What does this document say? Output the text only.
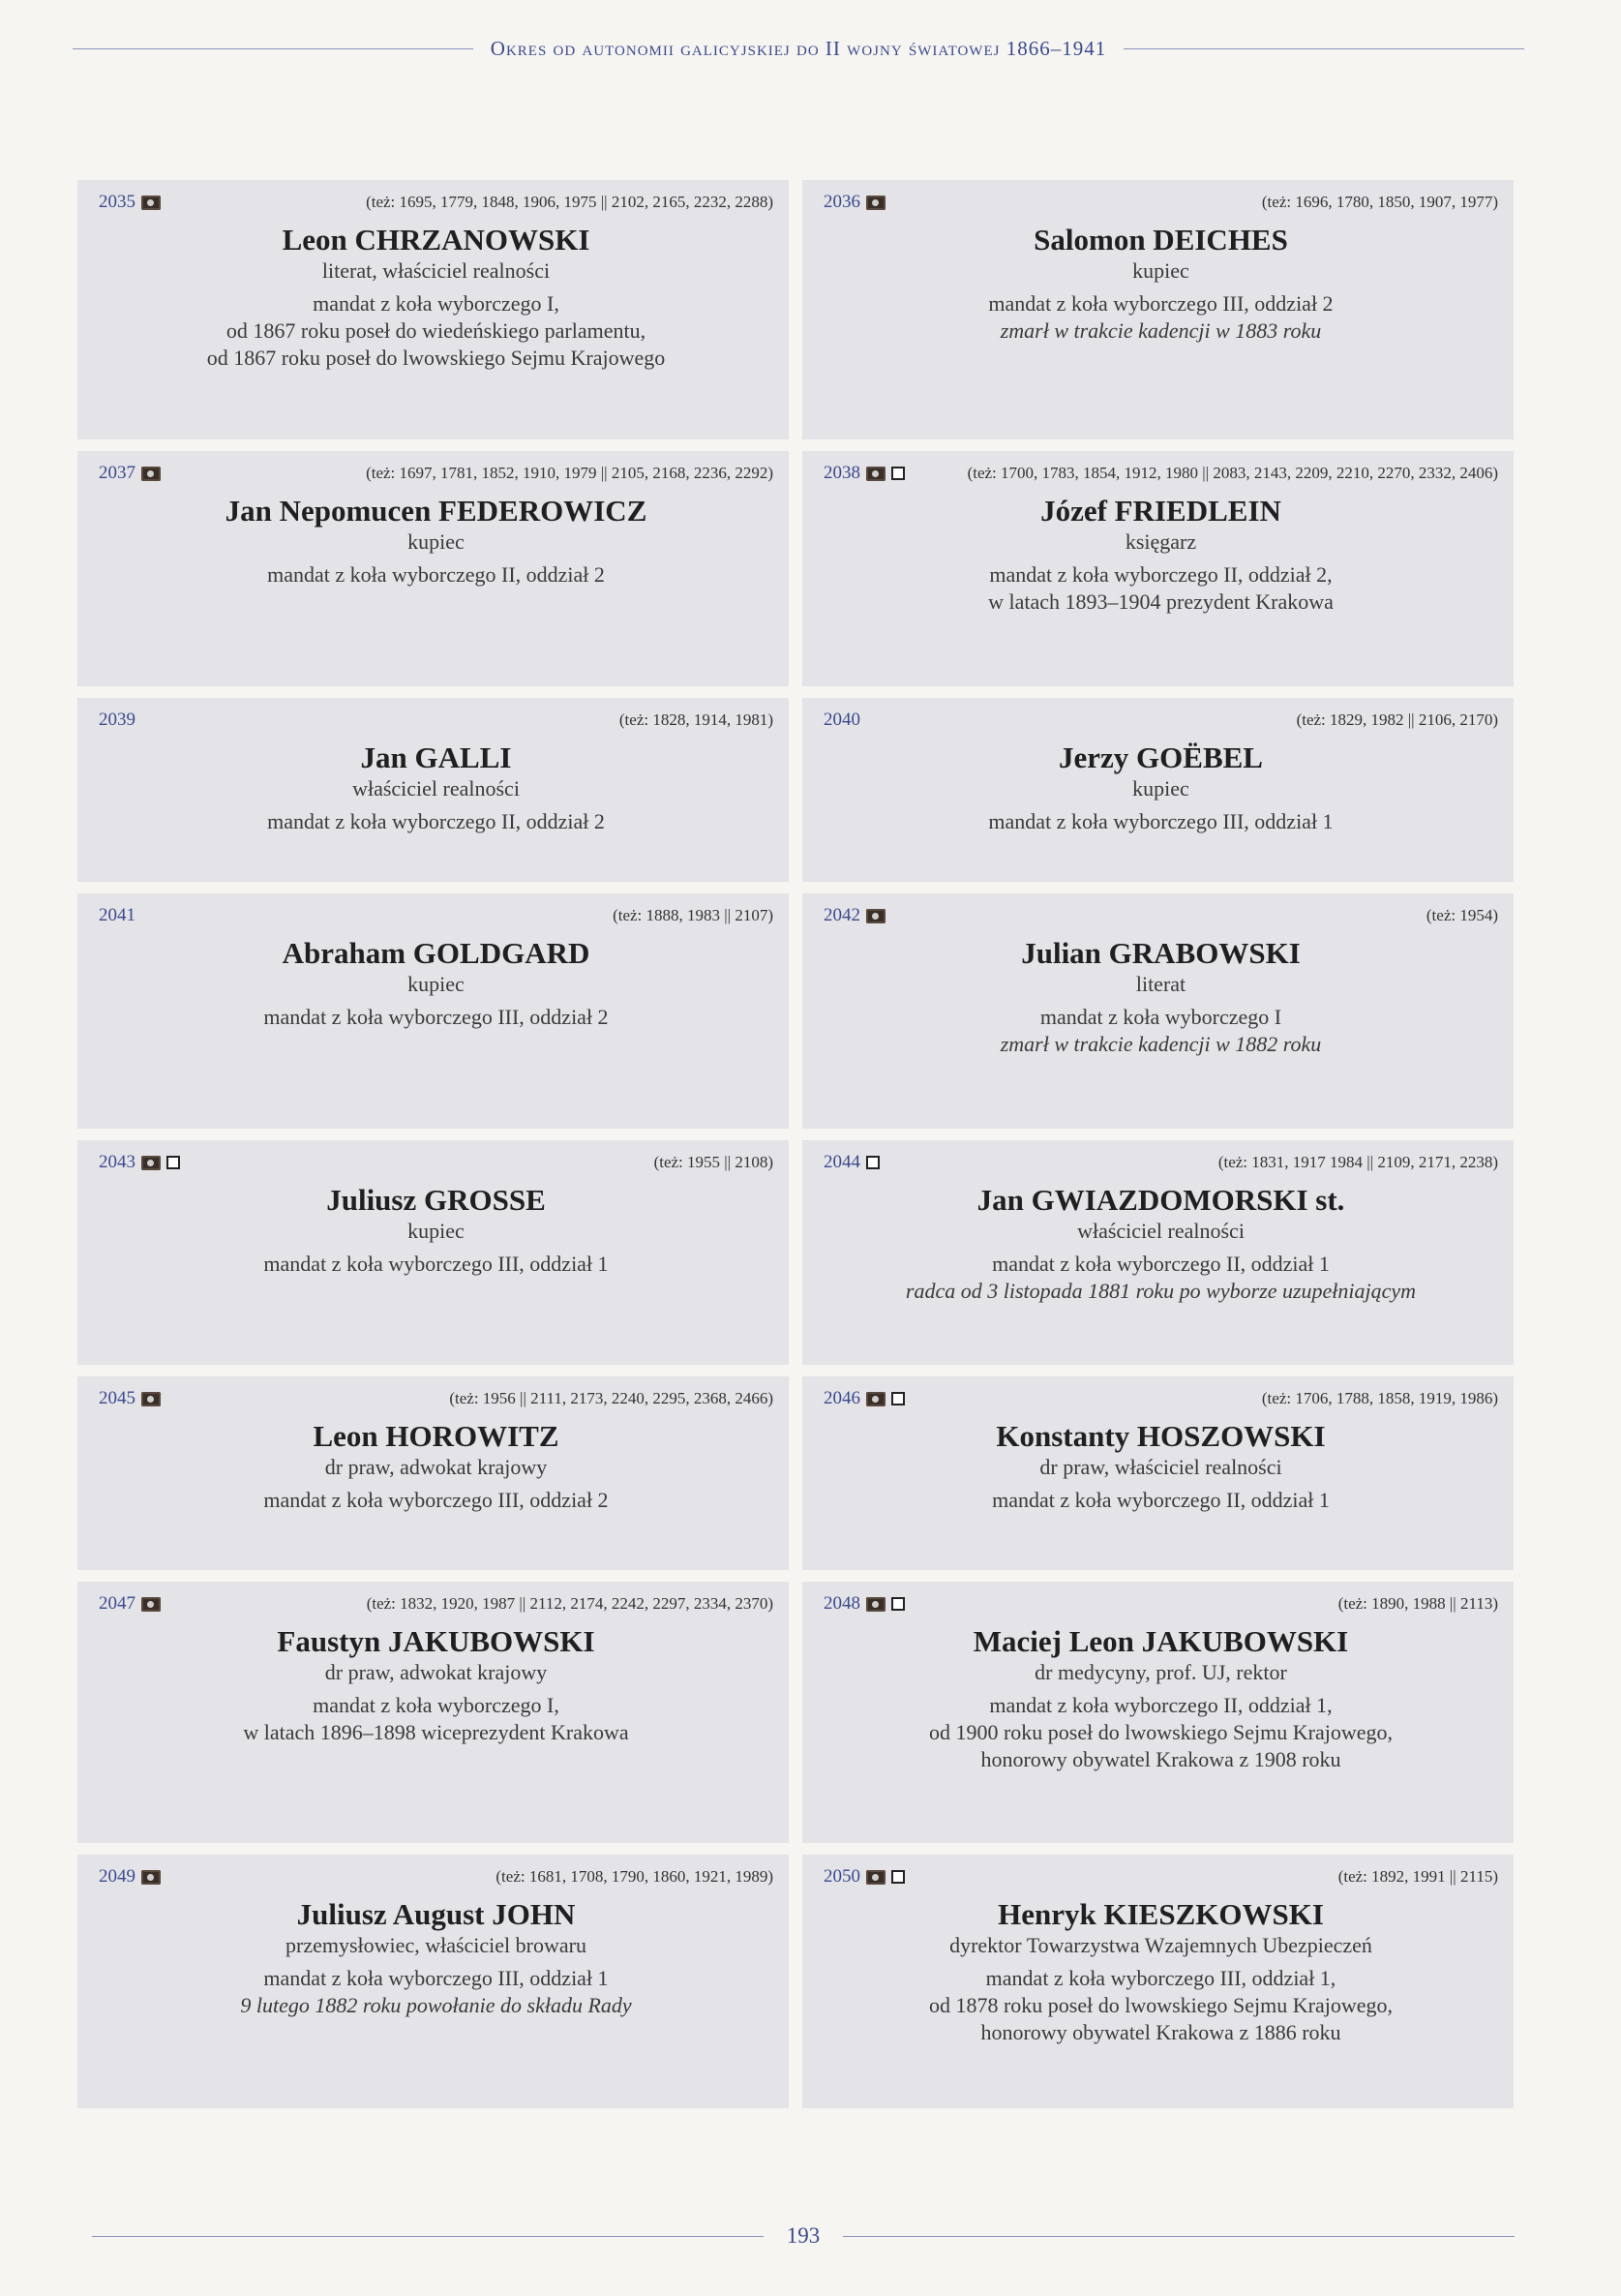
Okres od autonomii galicyjskiej do II wojny światowej 1866–1941
2035	(też: 1695, 1779, 1848, 1906, 1975 || 2102, 2165, 2232, 2288)
Leon CHRZANOWSKI
literat, właściciel realności
mandat z koła wyborczego I,
od 1867 roku poseł do wiedeńskiego parlamentu,
od 1867 roku poseł do lwowskiego Sejmu Krajowego
2036	(też: 1696, 1780, 1850, 1907, 1977)
Salomon DEICHES
kupiec
mandat z koła wyborczego III, oddział 2
zmarł w trakcie kadencji w 1883 roku
2037	(też: 1697, 1781, 1852, 1910, 1979 || 2105, 2168, 2236, 2292)
Jan Nepomucen FEDEROWICZ
kupiec
mandat z koła wyborczego II, oddział 2
2038	(też: 1700, 1783, 1854, 1912, 1980 || 2083, 2143, 2209, 2210, 2270, 2332, 2406)
Józef FRIEDLEIN
księgarz
mandat z koła wyborczego II, oddział 2,
w latach 1893–1904 prezydent Krakowa
2039	(też: 1828, 1914, 1981)
Jan GALLI
właściciel realności
mandat z koła wyborczego II, oddział 2
2040	(też: 1829, 1982 || 2106, 2170)
Jerzy GOËBEL
kupiec
mandat z koła wyborczego III, oddział 1
2041	(też: 1888, 1983 || 2107)
Abraham GOLDGARD
kupiec
mandat z koła wyborczego III, oddział 2
2042	(też: 1954)
Julian GRABOWSKI
literat
mandat z koła wyborczego I
zmarł w trakcie kadencji w 1882 roku
2043	(też: 1955 || 2108)
Juliusz GROSSE
kupiec
mandat z koła wyborczego III, oddział 1
2044	(też: 1831, 1917 1984 || 2109, 2171, 2238)
Jan GWIAZDOMORSKI st.
właściciel realności
mandat z koła wyborczego II, oddział 1
radca od 3 listopada 1881 roku po wyborze uzupełniającym
2045	(też: 1956 || 2111, 2173, 2240, 2295, 2368, 2466)
Leon HOROWITZ
dr praw, adwokat krajowy
mandat z koła wyborczego III, oddział 2
2046	(też: 1706, 1788, 1858, 1919, 1986)
Konstanty HOSZOWSKI
dr praw, właściciel realności
mandat z koła wyborczego II, oddział 1
2047	(też: 1832, 1920, 1987 || 2112, 2174, 2242, 2297, 2334, 2370)
Faustyn JAKUBOWSKI
dr praw, adwokat krajowy
mandat z koła wyborczego I,
w latach 1896–1898 wiceprezydent Krakowa
2048	(też: 1890, 1988 || 2113)
Maciej Leon JAKUBOWSKI
dr medycyny, prof. UJ, rektor
mandat z koła wyborczego II, oddział 1,
od 1900 roku poseł do lwowskiego Sejmu Krajowego,
honorowy obywatel Krakowa z 1908 roku
2049	(też: 1681, 1708, 1790, 1860, 1921, 1989)
Juliusz August JOHN
przemysłowiec, właściciel browaru
mandat z koła wyborczego III, oddział 1
9 lutego 1882 roku powołanie do składu Rady
2050	(też: 1892, 1991 || 2115)
Henryk KIESZKOWSKI
dyrektor Towarzystwa Wzajemnych Ubezpieczeń
mandat z koła wyborczego III, oddział 1,
od 1878 roku poseł do lwowskiego Sejmu Krajowego,
honorowy obywatel Krakowa z 1886 roku
193
